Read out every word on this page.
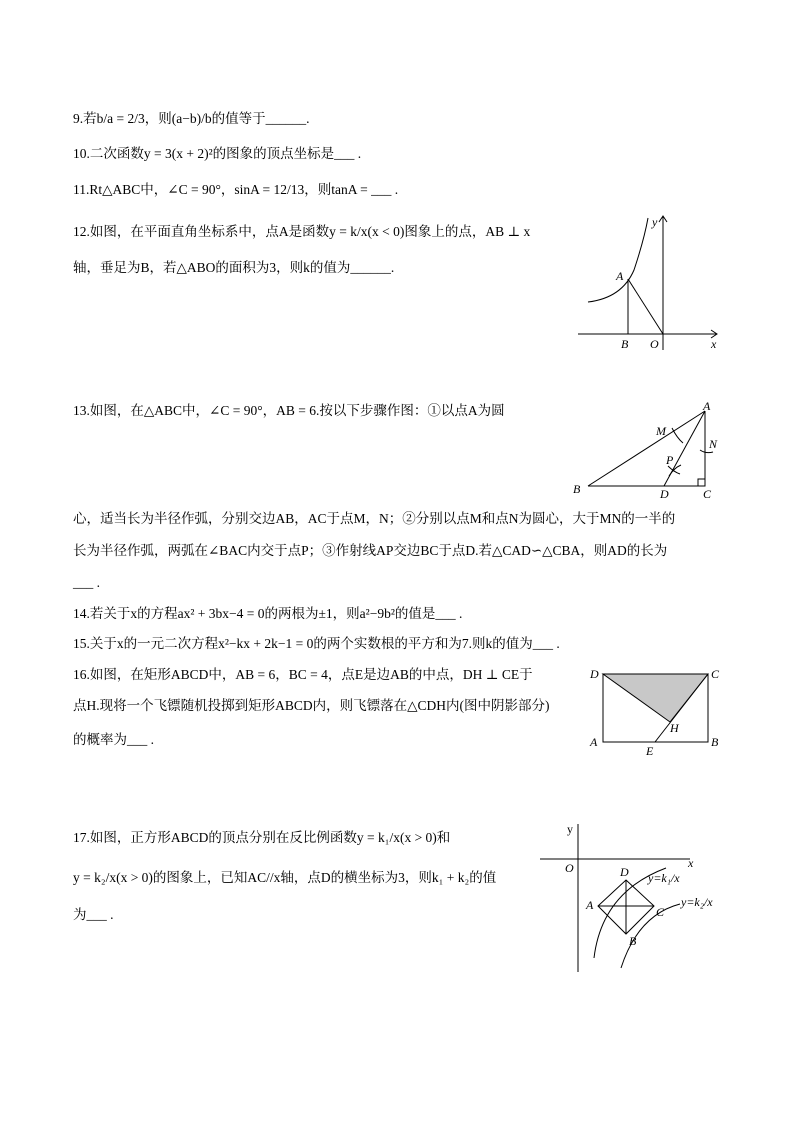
9.若b/a = 2/3，则(a−b)/b的值等于______.
10.二次函数y = 3(x + 2)²的图象的顶点坐标是___ .
11.Rt△ABC中，∠C = 90°，sinA = 12/13，则tanA = ___ .
12.如图，在平面直角坐标系中，点A是函数y = k/x(x < 0)图象上的点，AB ⊥ x
轴，垂足为B，若△ABO的面积为3，则k的值为______.
13.如图，在△ABC中，∠C = 90°，AB = 6.按以下步骤作图：①以点A为圆
心，适当长为半径作弧，分别交边AB，AC于点M，N；②分别以点M和点N为圆心，大于MN的一半的
长为半径作弧，两弧在∠BAC内交于点P；③作射线AP交边BC于点D.若△CAD∽△CBA，则AD的长为
___ .
14.若关于x的方程ax² + 3bx−4 = 0的两根为±1，则a²−9b²的值是___ .
15.关于x的一元二次方程x²−kx + 2k−1 = 0的两个实数根的平方和为7.则k的值为___ .
16.如图，在矩形ABCD中，AB = 6，BC = 4，点E是边AB的中点，DH ⊥ CE于
点H.现将一个飞镖随机投掷到矩形ABCD内，则飞镖落在△CDH内(图中阴影部分)
的概率为___ .
17.如图，正方形ABCD的顶点分别在反比例函数y = k₁/x(x > 0)和
y = k₂/x(x > 0)的图象上，已知AC//x轴，点D的横坐标为3，则k₁ + k₂的值
为___ .
y
A
B O	x
A
M
N
P
B	D	C
D	C
H
A
E
B
y
O	x
D
A	C
B
y=k₁/x
y=k₂/x
